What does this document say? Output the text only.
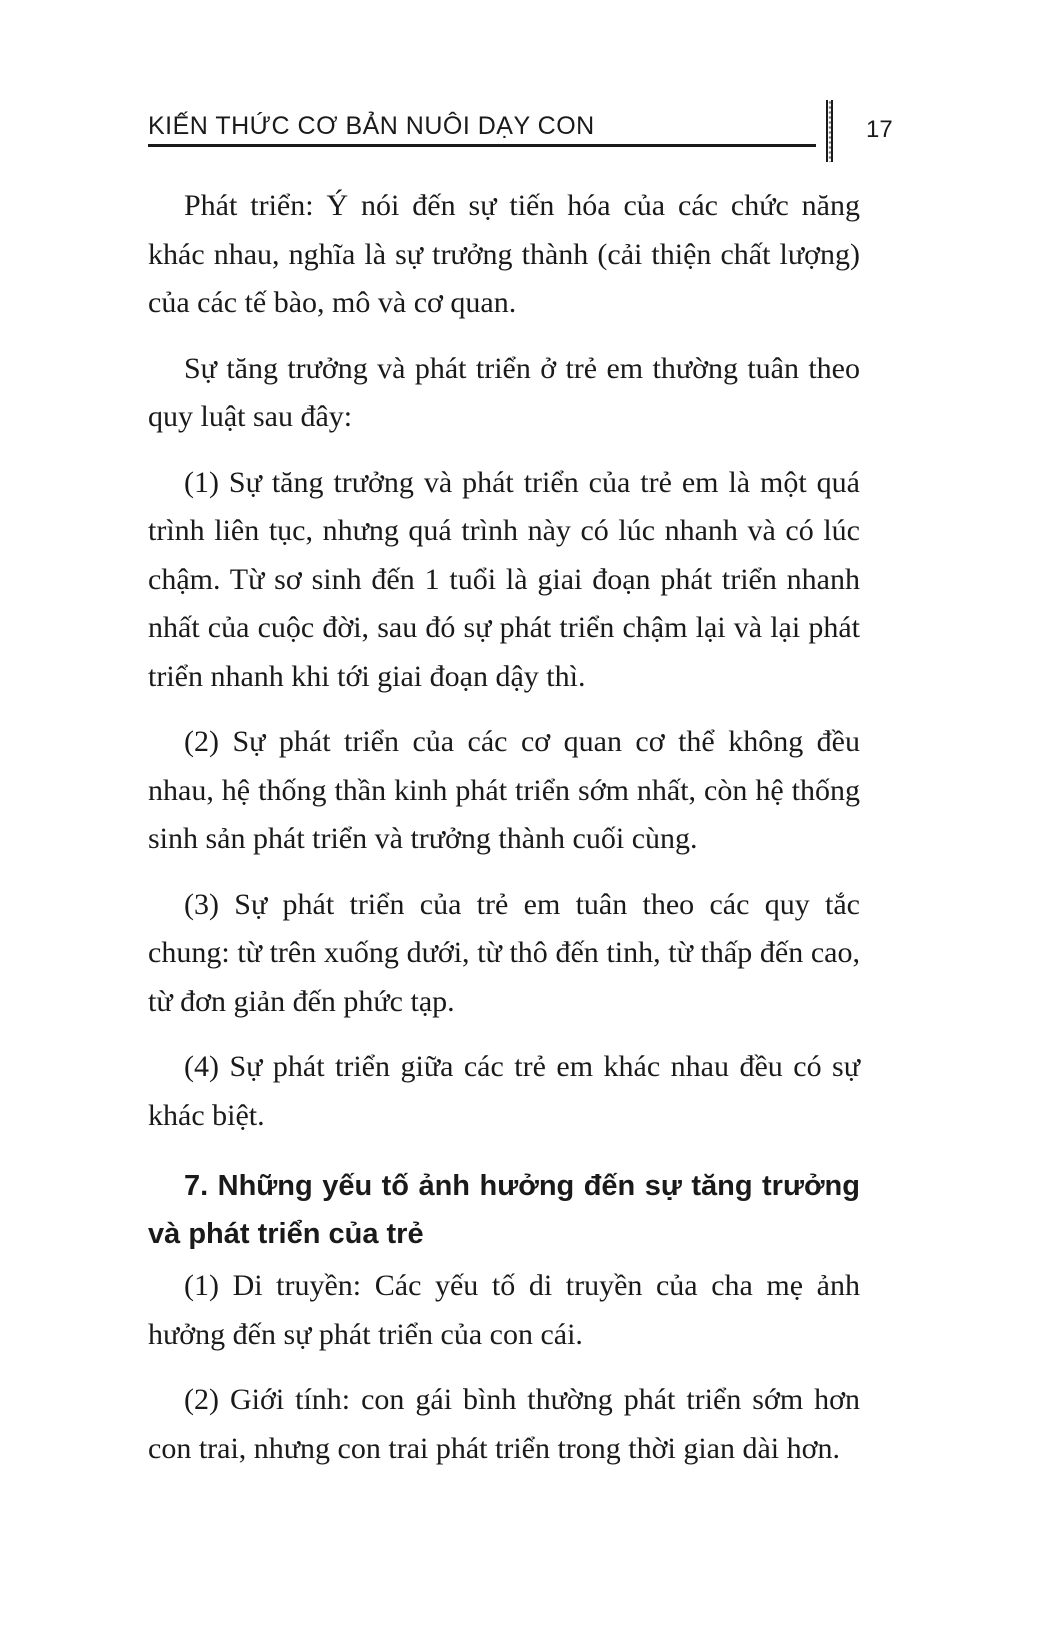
KIẾN THỨC CƠ BẢN NUÔI DẠY CON	17

Phát triển: Ý nói đến sự tiến hóa của các chức năng khác nhau, nghĩa là sự trưởng thành (cải thiện chất lượng) của các tế bào, mô và cơ quan.

Sự tăng trưởng và phát triển ở trẻ em thường tuân theo quy luật sau đây:

(1) Sự tăng trưởng và phát triển của trẻ em là một quá trình liên tục, nhưng quá trình này có lúc nhanh và có lúc chậm. Từ sơ sinh đến 1 tuổi là giai đoạn phát triển nhanh nhất của cuộc đời, sau đó sự phát triển chậm lại và lại phát triển nhanh khi tới giai đoạn dậy thì.

(2) Sự phát triển của các cơ quan cơ thể không đều nhau, hệ thống thần kinh phát triển sớm nhất, còn hệ thống sinh sản phát triển và trưởng thành cuối cùng.

(3) Sự phát triển của trẻ em tuân theo các quy tắc chung: từ trên xuống dưới, từ thô đến tinh, từ thấp đến cao, từ đơn giản đến phức tạp.

(4) Sự phát triển giữa các trẻ em khác nhau đều có sự khác biệt.

7. Những yếu tố ảnh hưởng đến sự tăng trưởng và phát triển của trẻ

(1) Di truyền: Các yếu tố di truyền của cha mẹ ảnh hưởng đến sự phát triển của con cái.

(2) Giới tính: con gái bình thường phát triển sớm hơn con trai, nhưng con trai phát triển trong thời gian dài hơn.
